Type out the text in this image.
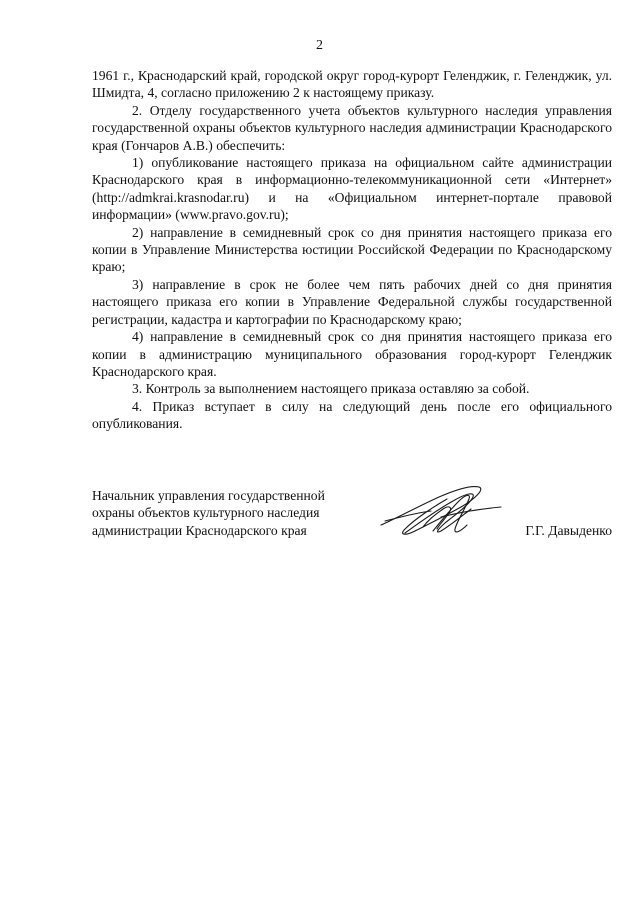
2

1961 г., Краснодарский край, городской округ город-курорт Геленджик, г. Геленджик, ул. Шмидта, 4, согласно приложению 2 к настоящему приказу.

2. Отделу государственного учета объектов культурного наследия управления государственной охраны объектов культурного наследия администрации Краснодарского края (Гончаров А.В.) обеспечить:

1) опубликование настоящего приказа на официальном сайте администрации Краснодарского края в информационно-телекоммуникационной сети «Интернет» (http://admkrai.krasnodar.ru) и на «Официальном интернет-портале правовой информации» (www.pravo.gov.ru);

2) направление в семидневный срок со дня принятия настоящего приказа его копии в Управление Министерства юстиции Российской Федерации по Краснодарскому краю;

3) направление в срок не более чем пять рабочих дней со дня принятия настоящего приказа его копии в Управление Федеральной службы государственной регистрации, кадастра и картографии по Краснодарскому краю;

4) направление в семидневный срок со дня принятия настоящего приказа его копии в администрацию муниципального образования город-курорт Геленджик Краснодарского края.

3. Контроль за выполнением настоящего приказа оставляю за собой.

4. Приказ вступает в силу на следующий день после его официального опубликования.

Начальник управления государственной
охраны объектов культурного наследия
администрации Краснодарского края	Г.Г. Давыденко
